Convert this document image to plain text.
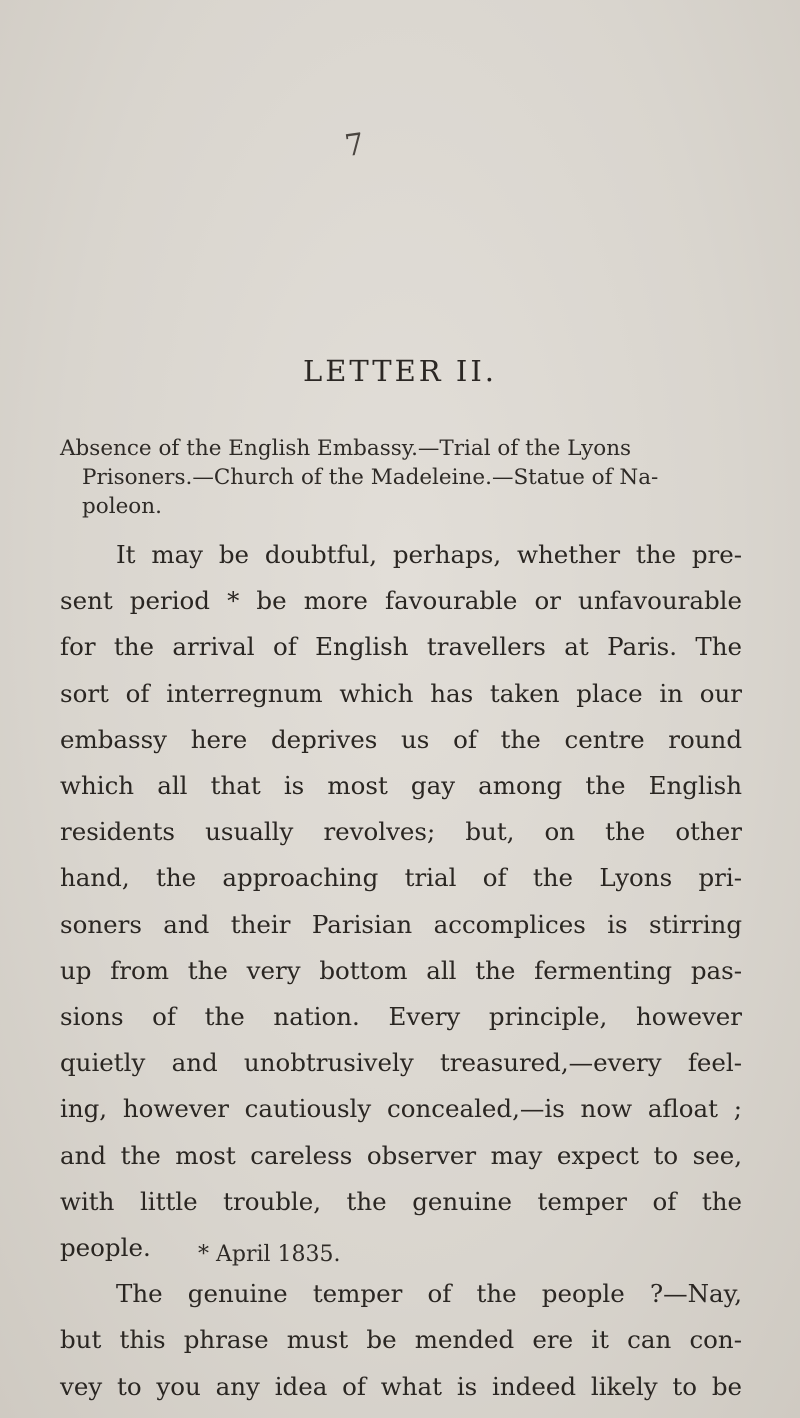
7
LETTER II.
Absence of the English Embassy.—Trial of the Lyons
Prisoners.—Church of the Madeleine.—Statue of Na-
poleon.
It may be doubtful, perhaps, whether the pre-
sent period * be more favourable or unfavourable
for the arrival of English travellers at Paris. The
sort of interregnum which has taken place in our
embassy here deprives us of the centre round
which all that is most gay among the English
residents usually revolves; but, on the other
hand, the approaching trial of the Lyons pri-
soners and their Parisian accomplices is stirring
up from the very bottom all the fermenting pas-
sions of the nation. Every principle, however
quietly and unobtrusively treasured,—every feel-
ing, however cautiously concealed,—is now afloat ;
and the most careless observer may expect to see,
with little trouble, the genuine temper of the
people.
The genuine temper of the people ?—Nay,
but this phrase must be mended ere it can con-
vey to you any idea of what is indeed likely to be
* April 1835.
